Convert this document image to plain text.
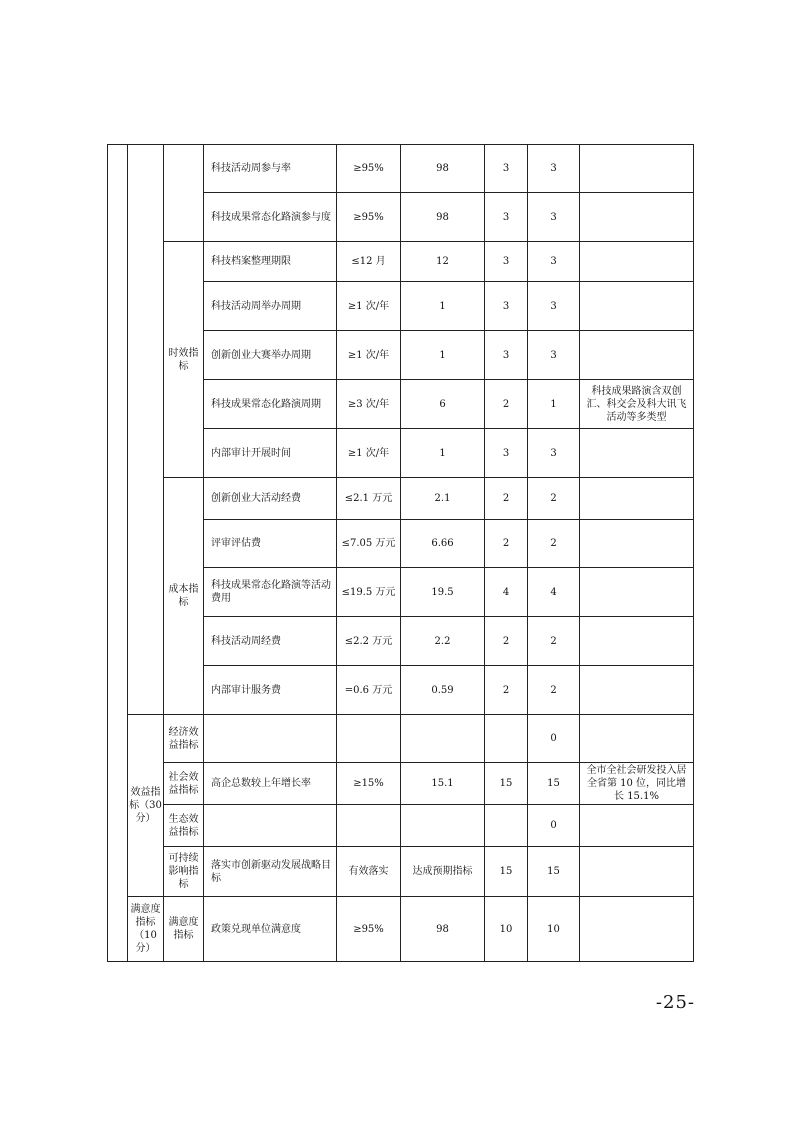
			科技活动周参与率	≥95%	98	3	3	
			科技成果常态化路演参与度	≥95%	98	3	3	
		时效指标	科技档案整理期限	≤12 月	12	3	3	
			科技活动周举办周期	≥1 次/年	1	3	3	
			创新创业大赛举办周期	≥1 次/年	1	3	3	
			科技成果常态化路演周期	≥3 次/年	6	2	1	科技成果路演含双创汇、科交会及科大讯飞活动等多类型
			内部审计开展时间	≥1 次/年	1	3	3	
		成本指标	创新创业大活动经费	≤2.1 万元	2.1	2	2	
			评审评估费	≤7.05 万元	6.66	2	2	
			科技成果常态化路演等活动费用	≤19.5 万元	19.5	4	4	
			科技活动周经费	≤2.2 万元	2.2	2	2	
			内部审计服务费	=0.6 万元	0.59	2	2	
	效益指标（30 分）	经济效益指标					0	
		社会效益指标	高企总数较上年增长率	≥15%	15.1	15	15	全市全社会研发投入居全省第 10 位，同比增长 15.1%
		生态效益指标					0	
		可持续影响指标	落实市创新驱动发展战略目标	有效落实	达成预期指标	15	15	
	满意度指标（10 分）	满意度指标	政策兑现单位满意度	≥95%	98	10	10	
-25-
